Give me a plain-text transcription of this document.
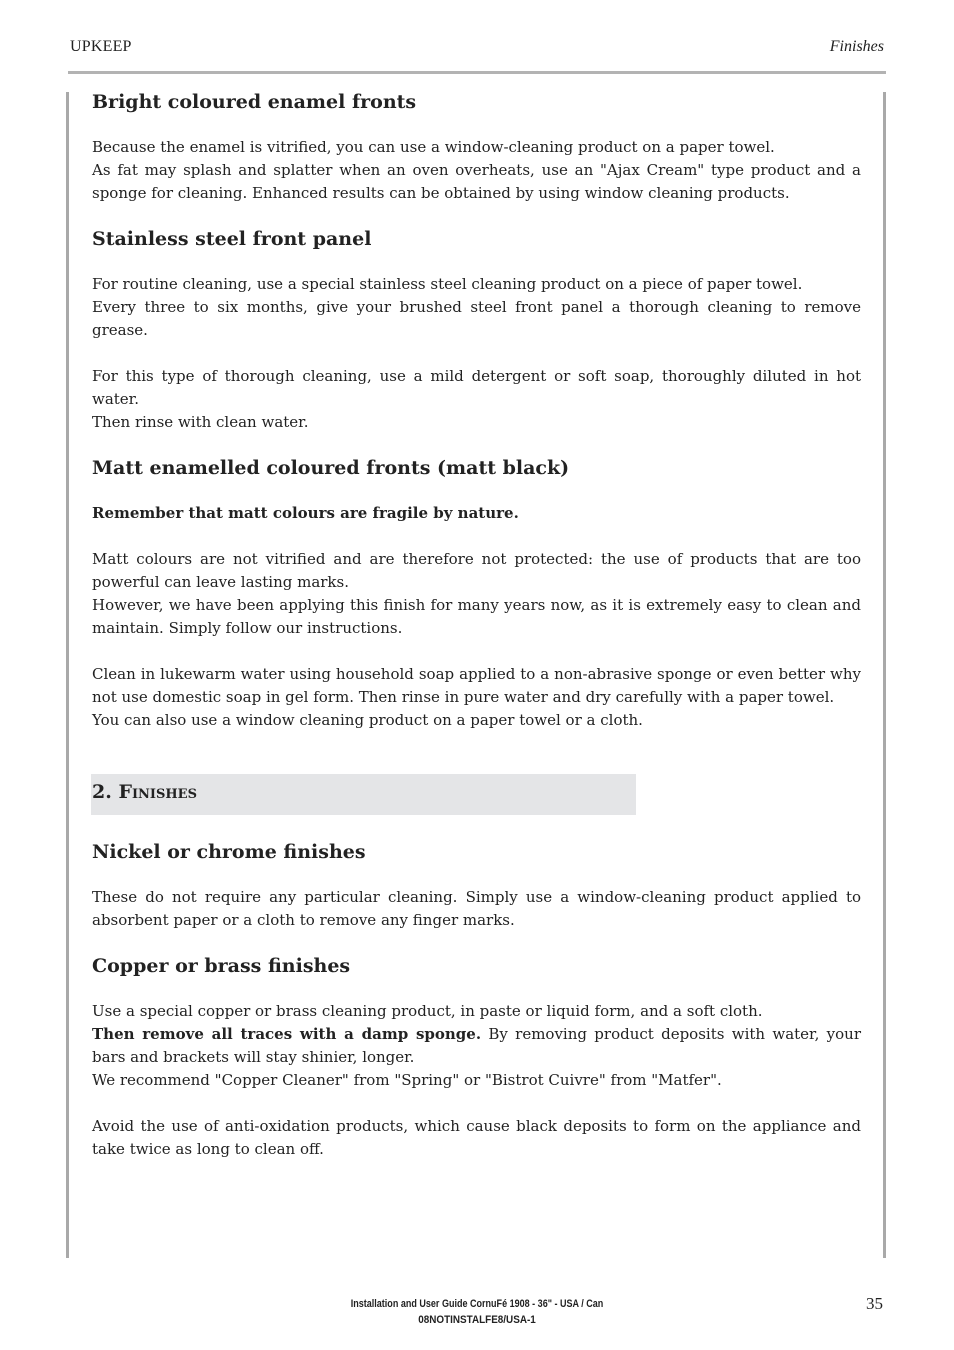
UPKEEP	Finishes
Bright coloured enamel fronts

Because the enamel is vitrified, you can use a window-cleaning product on a paper towel.

As fat may splash and splatter when an oven overheats, use an "Ajax Cream" type product and a sponge for cleaning. Enhanced results can be obtained by using window cleaning products.

Stainless steel front panel

For routine cleaning, use a special stainless steel cleaning product on a piece of paper towel.

Every three to six months, give your brushed steel front panel a thorough cleaning to remove grease.

For this type of thorough cleaning, use a mild detergent or soft soap, thoroughly diluted in hot water.

Then rinse with clean water.

Matt enamelled coloured fronts (matt black)

Remember that matt colours are fragile by nature.

Matt colours are not vitrified and are therefore not protected: the use of products that are too powerful can leave lasting marks.

However, we have been applying this finish for many years now, as it is extremely easy to clean and maintain. Simply follow our instructions.

Clean in lukewarm water using household soap applied to a non-abrasive sponge or even better why not use domestic soap in gel form. Then rinse in pure water and dry carefully with a paper towel.

You can also use a window cleaning product on a paper towel or a cloth.

2. Finishes
Nickel or chrome finishes

These do not require any particular cleaning. Simply use a window-cleaning product applied to absorbent paper or a cloth to remove any finger marks.

Copper or brass finishes

Use a special copper or brass cleaning product, in paste or liquid form, and a soft cloth.

Then remove all traces with a damp sponge. By removing product deposits with water, your bars and brackets will stay shinier, longer.

We recommend "Copper Cleaner" from "Spring" or "Bistrot Cuivre" from "Matfer".

Avoid the use of anti-oxidation products, which cause black deposits to form on the appliance and take twice as long to clean off.

Installation and User Guide CornuFé 1908 - 36" - USA / Can
08NOTINSTALFE8/USA-1
35
